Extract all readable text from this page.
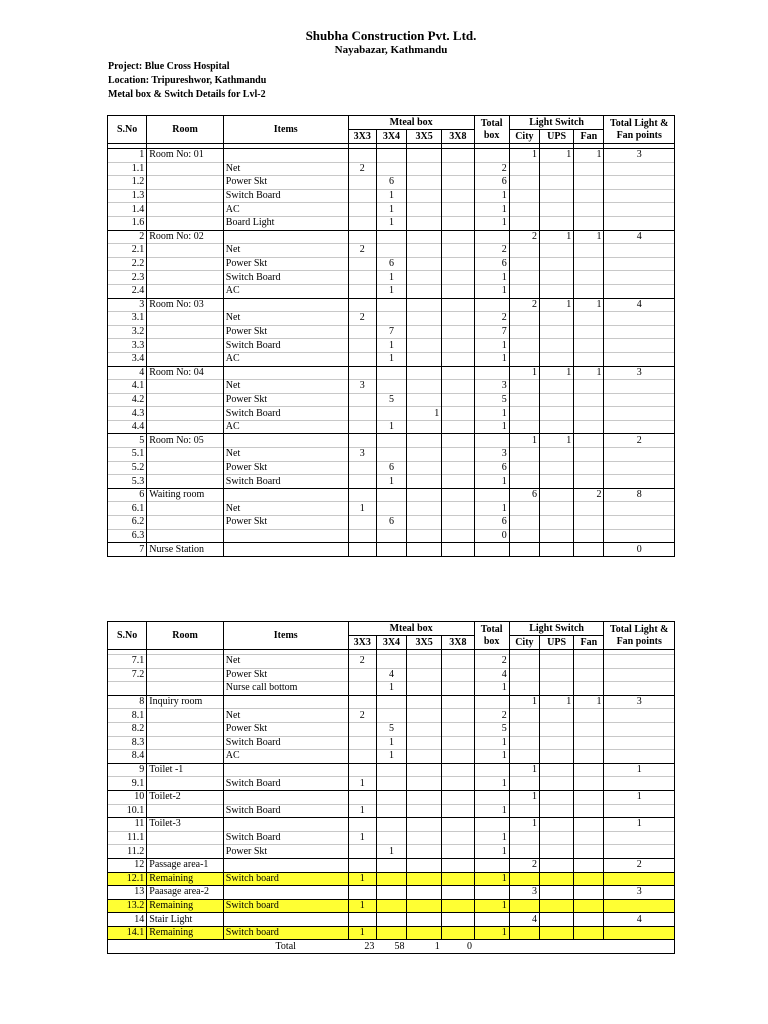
Shubha Construction Pvt. Ltd.
Nayabazar, Kathmandu
Project: Blue Cross Hospital
Location: Tripureshwor, Kathmandu
Metal box & Switch Details for Lvl-2
S.No	Room	Items	Mteal box				Total
box	Light Switch			Total Light &
Fan points
			3X3	3X4	3X5	3X8		City	UPS	Fan	

1	Room No: 01							1	1	1	3
1.1		Net	2				2				
1.2		Power Skt		6			6				
1.3		Switch Board		1			1				
1.4		AC		1			1				
1.6		Board Light		1			1				
2	Room No: 02							2	1	1	4
2.1		Net	2				2				
2.2		Power Skt		6			6				
2.3		Switch Board		1			1				
2.4		AC		1			1				
3	Room No: 03							2	1	1	4
3.1		Net	2				2				
3.2		Power Skt		7			7				
3.3		Switch Board		1			1				
3.4		AC		1			1				
4	Room No: 04							1	1	1	3
4.1		Net	3				3				
4.2		Power Skt		5			5				
4.3		Switch Board			1		1				
4.4		AC		1			1				
5	Room No: 05							1	1		2
5.1		Net	3				3				
5.2		Power Skt		6			6				
5.3		Switch Board		1			1				
6	Waiting room							6		2	8
6.1		Net	1				1				
6.2		Power Skt		6			6				
6.3							0				
7	Nurse Station										0
S.No	Room	Items	Mteal box				Total
box	Light Switch			Total Light &
Fan points
			3X3	3X4	3X5	3X8		City	UPS	Fan	

7.1		Net	2				2				
7.2		Power Skt		4			4				
		Nurse call bottom		1			1				
8	Inquiry room							1	1	1	3
8.1		Net	2				2				
8.2		Power Skt		5			5				
8.3		Switch Board		1			1				
8.4		AC		1			1				
9	Toilet -1							1			1
9.1		Switch Board	1				1				
10	Toilet-2							1			1
10.1		Switch Board	1				1				
11	Toilet-3							1			1
11.1		Switch Board	1				1				
11.2		Power Skt		1			1				
12	Passage area-1							2			2
12.1	Remaining	Switch board	1				1				
13	Paasage area-2							3			3
13.2	Remaining	Switch board	1				1				
14	Stair Light							4			4
14.1	Remaining	Switch board	1				1				
		Total	23	58	1	0					
